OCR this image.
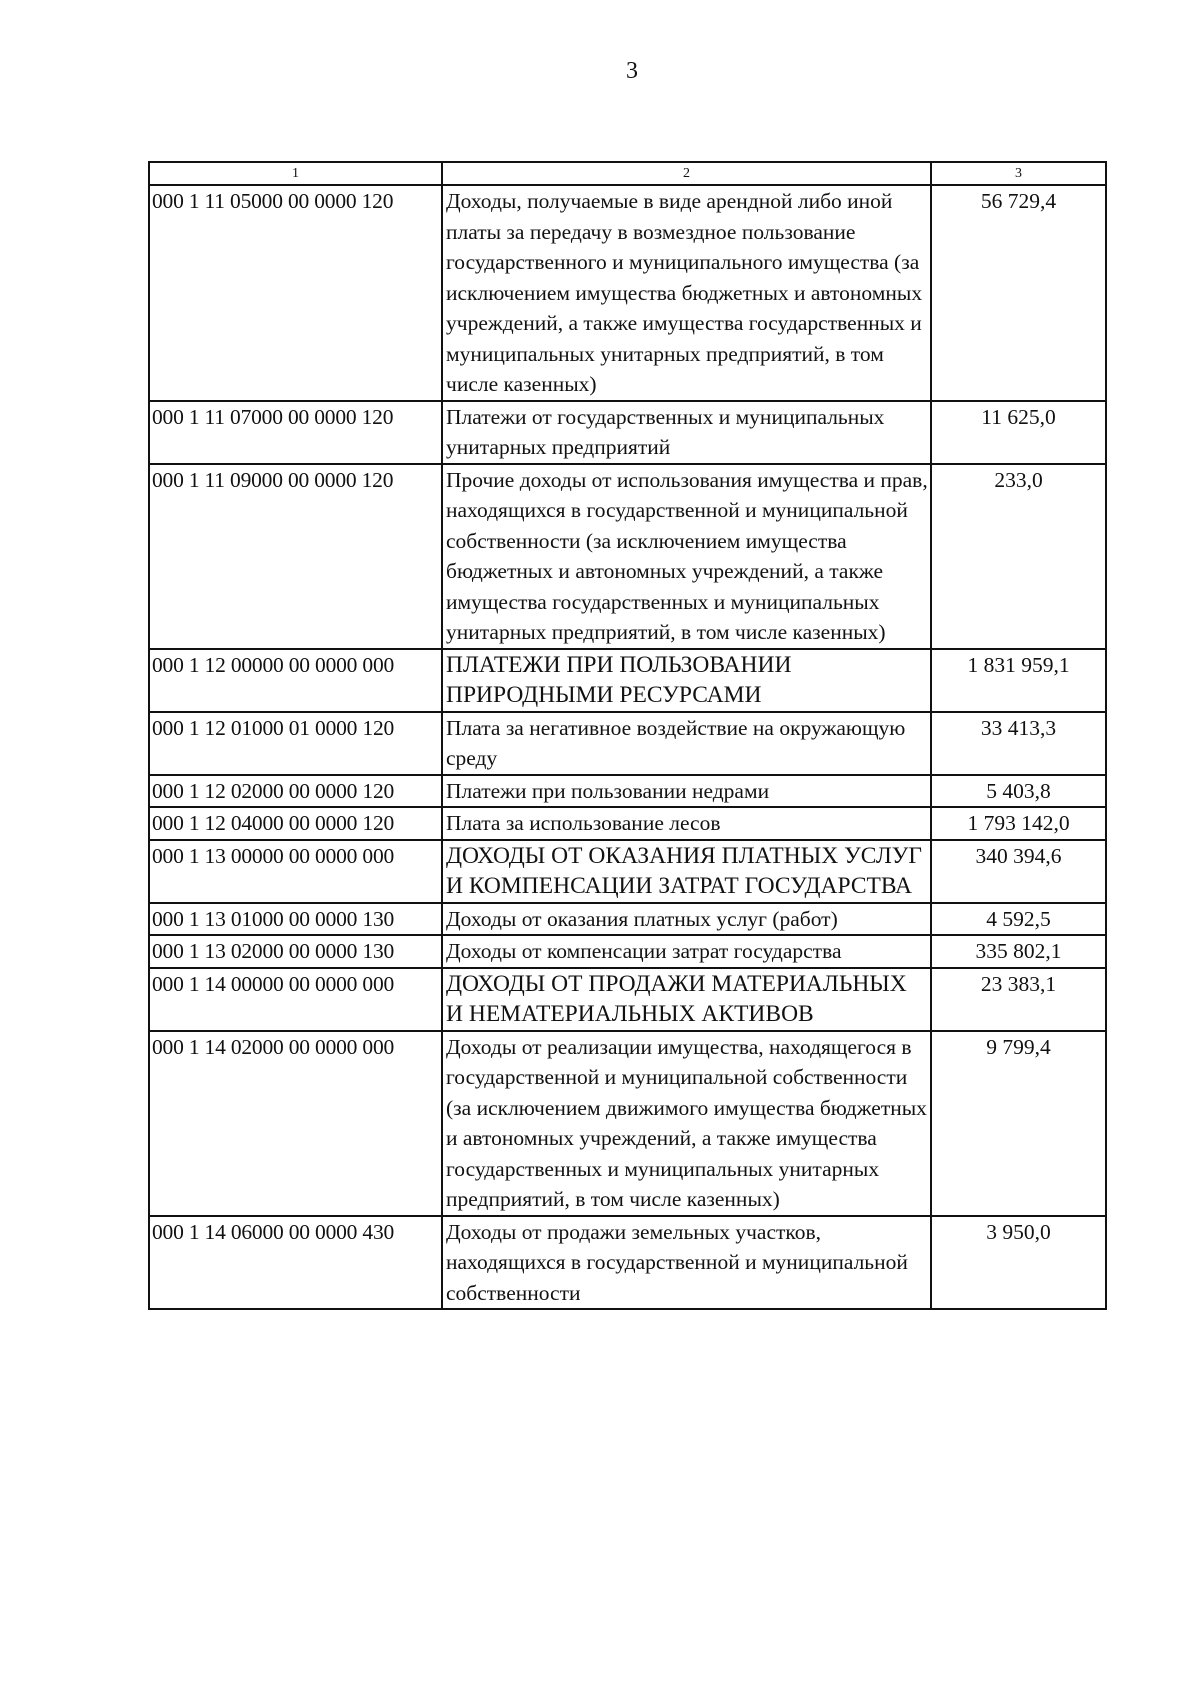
3
1	2	3
000 1 11 05000 00 0000 120	Доходы, получаемые в виде арендной либо иной платы за передачу в возмездное пользование государственного и муниципального имущества (за исключением имущества бюджетных и автономных учреждений, а также имущества государственных и муниципальных унитарных предприятий, в том числе казенных)	56 729,4
000 1 11 07000 00 0000 120	Платежи от государственных и муниципальных унитарных предприятий	11 625,0
000 1 11 09000 00 0000 120	Прочие доходы от использования имущества и прав, находящихся в государственной и муниципальной собственности (за исключением имущества бюджетных и автономных учреждений, а также имущества государственных и муниципальных унитарных предприятий, в том числе казенных)	233,0
000 1 12 00000 00 0000 000	ПЛАТЕЖИ ПРИ ПОЛЬЗОВАНИИ ПРИРОДНЫМИ РЕСУРСАМИ	1 831 959,1
000 1 12 01000 01 0000 120	Плата за негативное воздействие на окружающую среду	33 413,3
000 1 12 02000 00 0000 120	Платежи при пользовании недрами	5 403,8
000 1 12 04000 00 0000 120	Плата за использование лесов	1 793 142,0
000 1 13 00000 00 0000 000	ДОХОДЫ ОТ ОКАЗАНИЯ ПЛАТНЫХ УСЛУГ И КОМПЕНСАЦИИ ЗАТРАТ ГОСУДАРСТВА	340 394,6
000 1 13 01000 00 0000 130	Доходы от оказания платных услуг (работ)	4 592,5
000 1 13 02000 00 0000 130	Доходы от компенсации затрат государства	335 802,1
000 1 14 00000 00 0000 000	ДОХОДЫ ОТ ПРОДАЖИ МАТЕРИАЛЬНЫХ И НЕМАТЕРИАЛЬНЫХ АКТИВОВ	23 383,1
000 1 14 02000 00 0000 000	Доходы от реализации имущества, находящегося в государственной и муниципальной собственности (за исключением движимого имущества бюджетных и автономных учреждений, а также имущества государственных и муниципальных унитарных предприятий, в том числе казенных)	9 799,4
000 1 14 06000 00 0000 430	Доходы от продажи земельных участков, находящихся в государственной и муниципальной собственности	3 950,0
